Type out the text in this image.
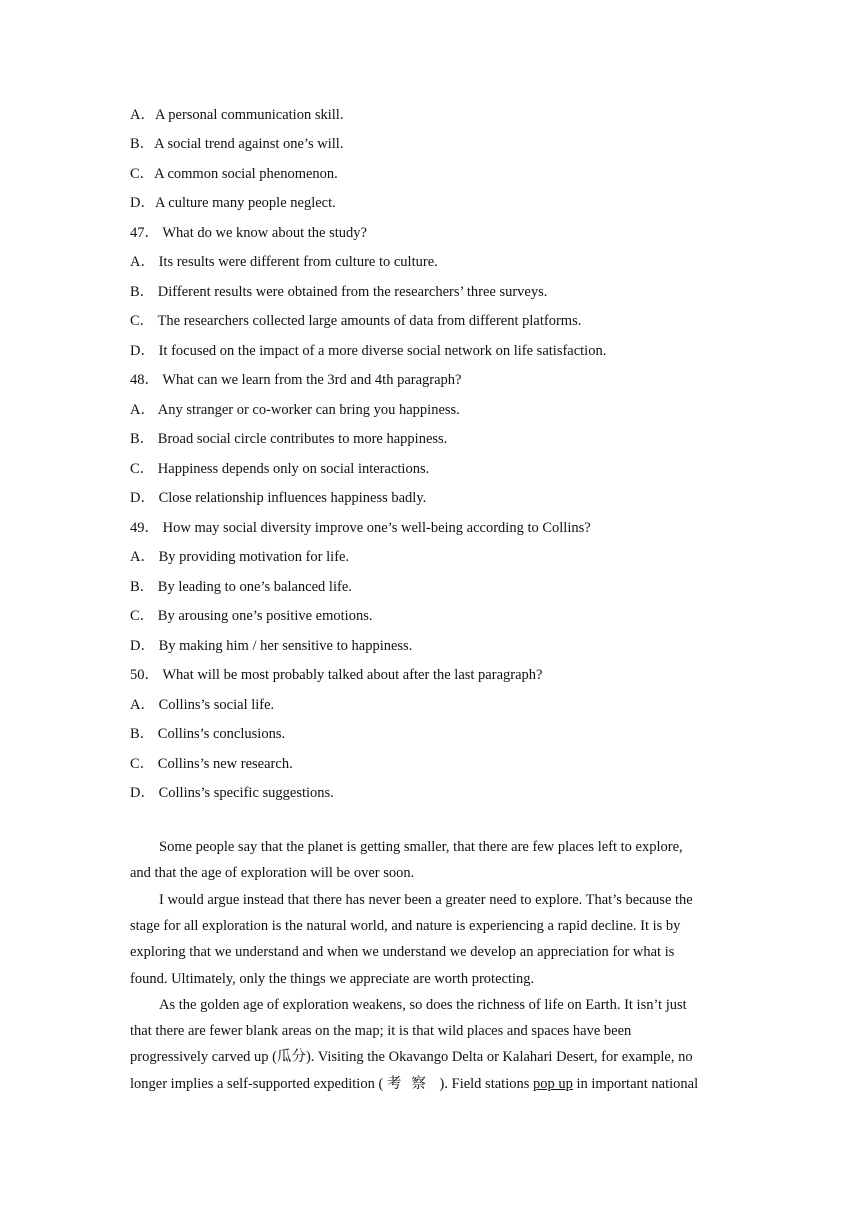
A．A personal communication skill.
B．A social trend against one’s will.
C．A common social phenomenon.
D．A culture many people neglect.
47． What do we know about the study?
A． Its results were different from culture to culture.
B． Different results were obtained from the researchers’ three surveys.
C． The researchers collected large amounts of data from different platforms.
D． It focused on the impact of a more diverse social network on life satisfaction.
48． What can we learn from the 3rd and 4th paragraph?
A． Any stranger or co-worker can bring you happiness.
B． Broad social circle contributes to more happiness.
C． Happiness depends only on social interactions.
D． Close relationship influences happiness badly.
49． How may social diversity improve one’s well-being according to Collins?
A． By providing motivation for life.
B． By leading to one’s balanced life.
C． By arousing one’s positive emotions.
D． By making him / her sensitive to happiness.
50． What will be most probably talked about after the last paragraph?
A． Collins’s social life.
B． Collins’s conclusions.
C． Collins’s new research.
D． Collins’s specific suggestions.
Some people say that the planet is getting smaller, that there are few places left to explore,
and that the age of exploration will be over soon.
I would argue instead that there has never been a greater need to explore. That’s because the
stage for all exploration is the natural world, and nature is experiencing a rapid decline. It is by
exploring that we understand and when we understand we develop an appreciation for what is
found. Ultimately, only the things we appreciate are worth protecting.
As the golden age of exploration weakens, so does the richness of life on Earth. It isn’t just
that there are fewer blank areas on the map; it is that wild places and spaces have been
progressively carved up (瓜分). Visiting the Okavango Delta or Kalahari Desert, for example, no
longer implies a self-supported expedition ( 考察 ). Field stations pop up in important national
